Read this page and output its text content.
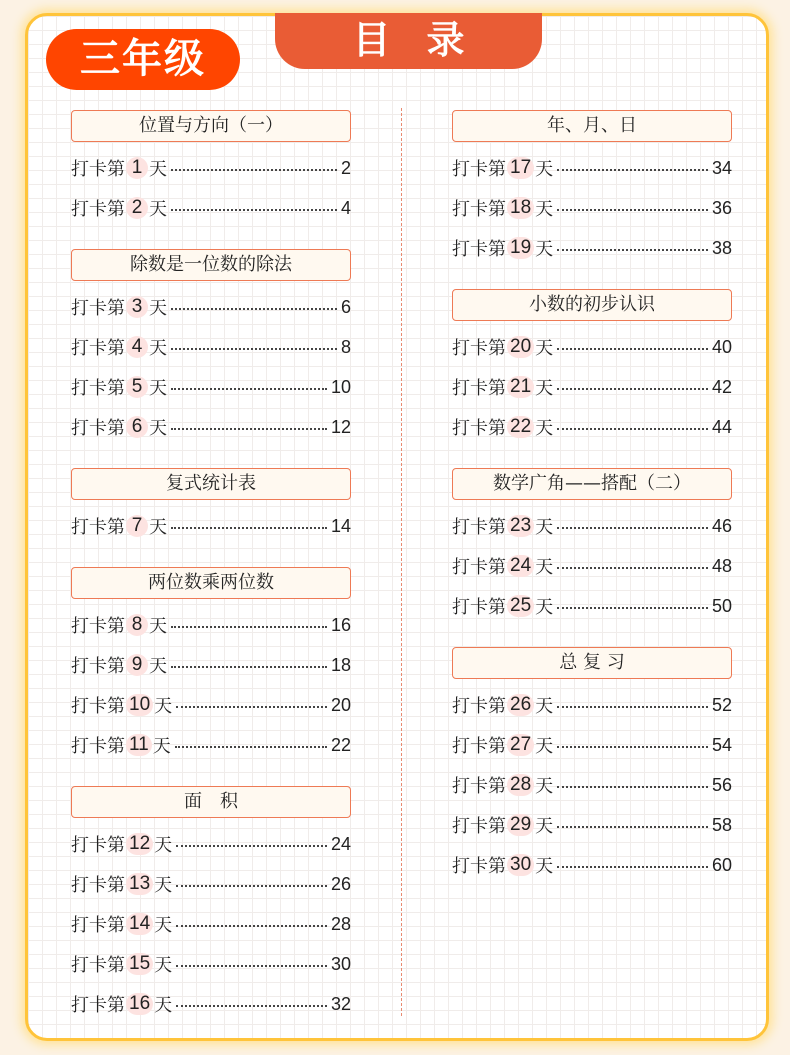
三年级	目录
位置与方向（一）
打卡第 1 天	2
打卡第 2 天	4
除数是一位数的除法
打卡第 3 天	6
打卡第 4 天	8
打卡第 5 天	10
打卡第 6 天	12
复式统计表
打卡第 7 天	14
两位数乘两位数
打卡第 8 天	16
打卡第 9 天	18
打卡第 10 天	20
打卡第 11 天	22
面　积
打卡第 12 天	24
打卡第 13 天	26
打卡第 14 天	28
打卡第 15 天	30
打卡第 16 天	32
年、月、日
打卡第 17 天	34
打卡第 18 天	36
打卡第 19 天	38
小数的初步认识
打卡第 20 天	40
打卡第 21 天	42
打卡第 22 天	44
数学广角——搭配（二）
打卡第 23 天	46
打卡第 24 天	48
打卡第 25 天	50
总 复 习
打卡第 26 天	52
打卡第 27 天	54
打卡第 28 天	56
打卡第 29 天	58
打卡第 30 天	60
